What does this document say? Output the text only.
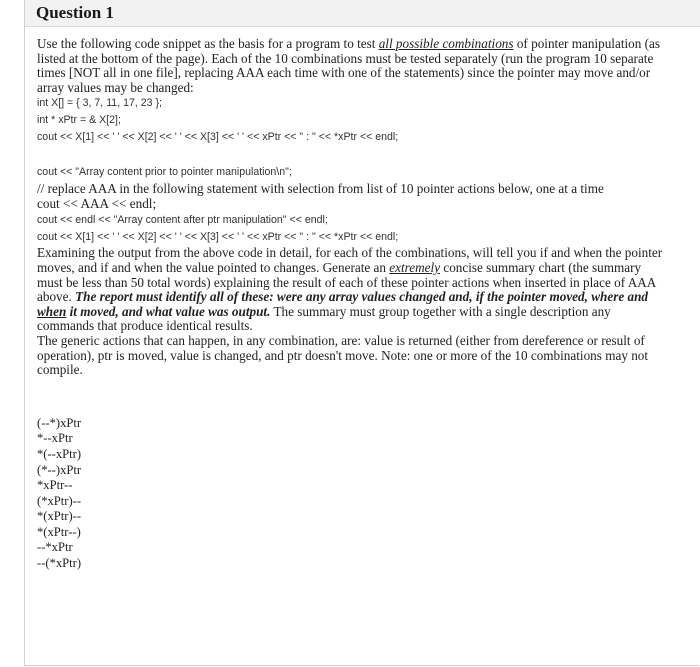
Question 1

Use the following code snippet as the basis for a program to test all possible combinations of pointer manipulation (as listed at the bottom of the page). Each of the 10 combinations must be tested separately (run the program 10 separate times [NOT all in one file], replacing AAA each time with one of the statements) since the pointer may move and/or array values may be changed:

int X[] = { 3, 7, 11, 17, 23 };
int * xPtr = & X[2];
cout << X[1] << ' ' << X[2] << ' ' << X[3] << ' ' << xPtr << " : " << *xPtr << endl;
cout << "Array content prior to pointer manipulation\n";
// replace AAA in the following statement with selection from list of 10 pointer actions below, one at a time
cout << AAA << endl;
cout << endl << "Array content after ptr manipulation" << endl;
cout << X[1] << ' ' << X[2] << ' ' << X[3] << ' ' << xPtr << " : " << *xPtr << endl;

Examining the output from the above code in detail, for each of the combinations, will tell you if and when the pointer moves, and if and when the value pointed to changes. Generate an extremely concise summary chart (the summary must be less than 50 total words) explaining the result of each of these pointer actions when inserted in place of AAA above. The report must identify all of these: were any array values changed and, if the pointer moved, where and when it moved, and what value was output. The summary must group together with a single description any commands that produce identical results.

The generic actions that can happen, in any combination, are: value is returned (either from dereference or result of operation), ptr is moved, value is changed, and ptr doesn't move. Note: one or more of the 10 combinations may not compile.

(--*)xPtr
*--xPtr
*(--xPtr)
(*--)xPtr
*xPtr--
(*xPtr)--
*(xPtr)--
*(xPtr--)
--*xPtr
--(*xPtr)
